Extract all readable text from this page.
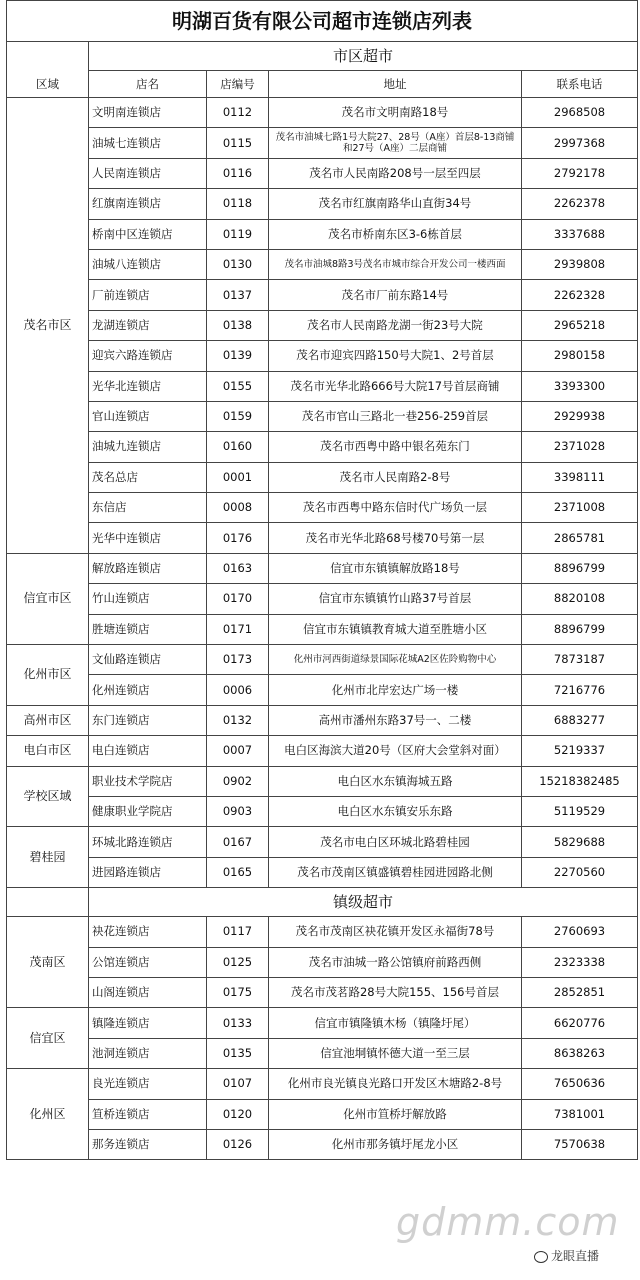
明湖百货有限公司超市连锁店列表				
区域	市区超市			
	店名	店编号	地址	联系电话
茂名市区	文明南连锁店	0112	茂名市文明南路18号	2968508
	油城七连锁店	0115	茂名市油城七路1号大院27、28号（A座）首层8-13商铺和27号（A座）二层商铺	2997368
	人民南连锁店	0116	茂名市人民南路208号一层至四层	2792178
	红旗南连锁店	0118	茂名市红旗南路华山直街34号	2262378
	桥南中区连锁店	0119	茂名市桥南东区3-6栋首层	3337688
	油城八连锁店	0130	茂名市油城8路3号茂名市城市综合开发公司一楼西面	2939808
	厂前连锁店	0137	茂名市厂前东路14号	2262328
	龙湖连锁店	0138	茂名市人民南路龙湖一街23号大院	2965218
	迎宾六路连锁店	0139	茂名市迎宾四路150号大院1、2号首层	2980158
	光华北连锁店	0155	茂名市光华北路666号大院17号首层商铺	3393300
	官山连锁店	0159	茂名市官山三路北一巷256-259首层	2929938
	油城九连锁店	0160	茂名市西粤中路中银名苑东门	2371028
	茂名总店	0001	茂名市人民南路2-8号	3398111
	东信店	0008	茂名市西粤中路东信时代广场负一层	2371008
	光华中连锁店	0176	茂名市光华北路68号楼70号第一层	2865781
信宜市区	解放路连锁店	0163	信宜市东镇镇解放路18号	8896799
	竹山连锁店	0170	信宜市东镇镇竹山路37号首层	8820108
	胜塘连锁店	0171	信宜市东镇镇教育城大道至胜塘小区	8896799
化州市区	文仙路连锁店	0173	化州市河西街道绿景国际花城A2区佐阾购物中心	7873187
	化州连锁店	0006	化州市北岸宏达广场一楼	7216776
高州市区	东门连锁店	0132	高州市潘州东路37号一、二楼	6883277
电白市区	电白连锁店	0007	电白区海滨大道20号（区府大会堂斜对面）	5219337
学校区域	职业技术学院店	0902	电白区水东镇海城五路	15218382485
	健康职业学院店	0903	电白区水东镇安乐东路	5119529
碧桂园	环城北路连锁店	0167	茂名市电白区环城北路碧桂园	5829688
	进园路连锁店	0165	茂名市茂南区镇盛镇碧桂园进园路北侧	2270560
	镇级超市			
茂南区	袂花连锁店	0117	茂名市茂南区袂花镇开发区永福街78号	2760693
	公馆连锁店	0125	茂名市油城一路公馆镇府前路西侧	2323338
	山阁连锁店	0175	茂名市茂茗路28号大院155、156号首层	2852851
信宜区	镇隆连锁店	0133	信宜市镇隆镇木杨（镇隆圩尾）	6620776
	池洞连锁店	0135	信宜池垌镇怀德大道一至三层	8638263
化州区	良光连锁店	0107	化州市良光镇良光路口开发区木塘路2-8号	7650636
	笪桥连锁店	0120	化州市笪桥圩解放路	7381001
	那务连锁店	0126	化州市那务镇圩尾龙小区	7570638
gdmm.com
龙眼直播
